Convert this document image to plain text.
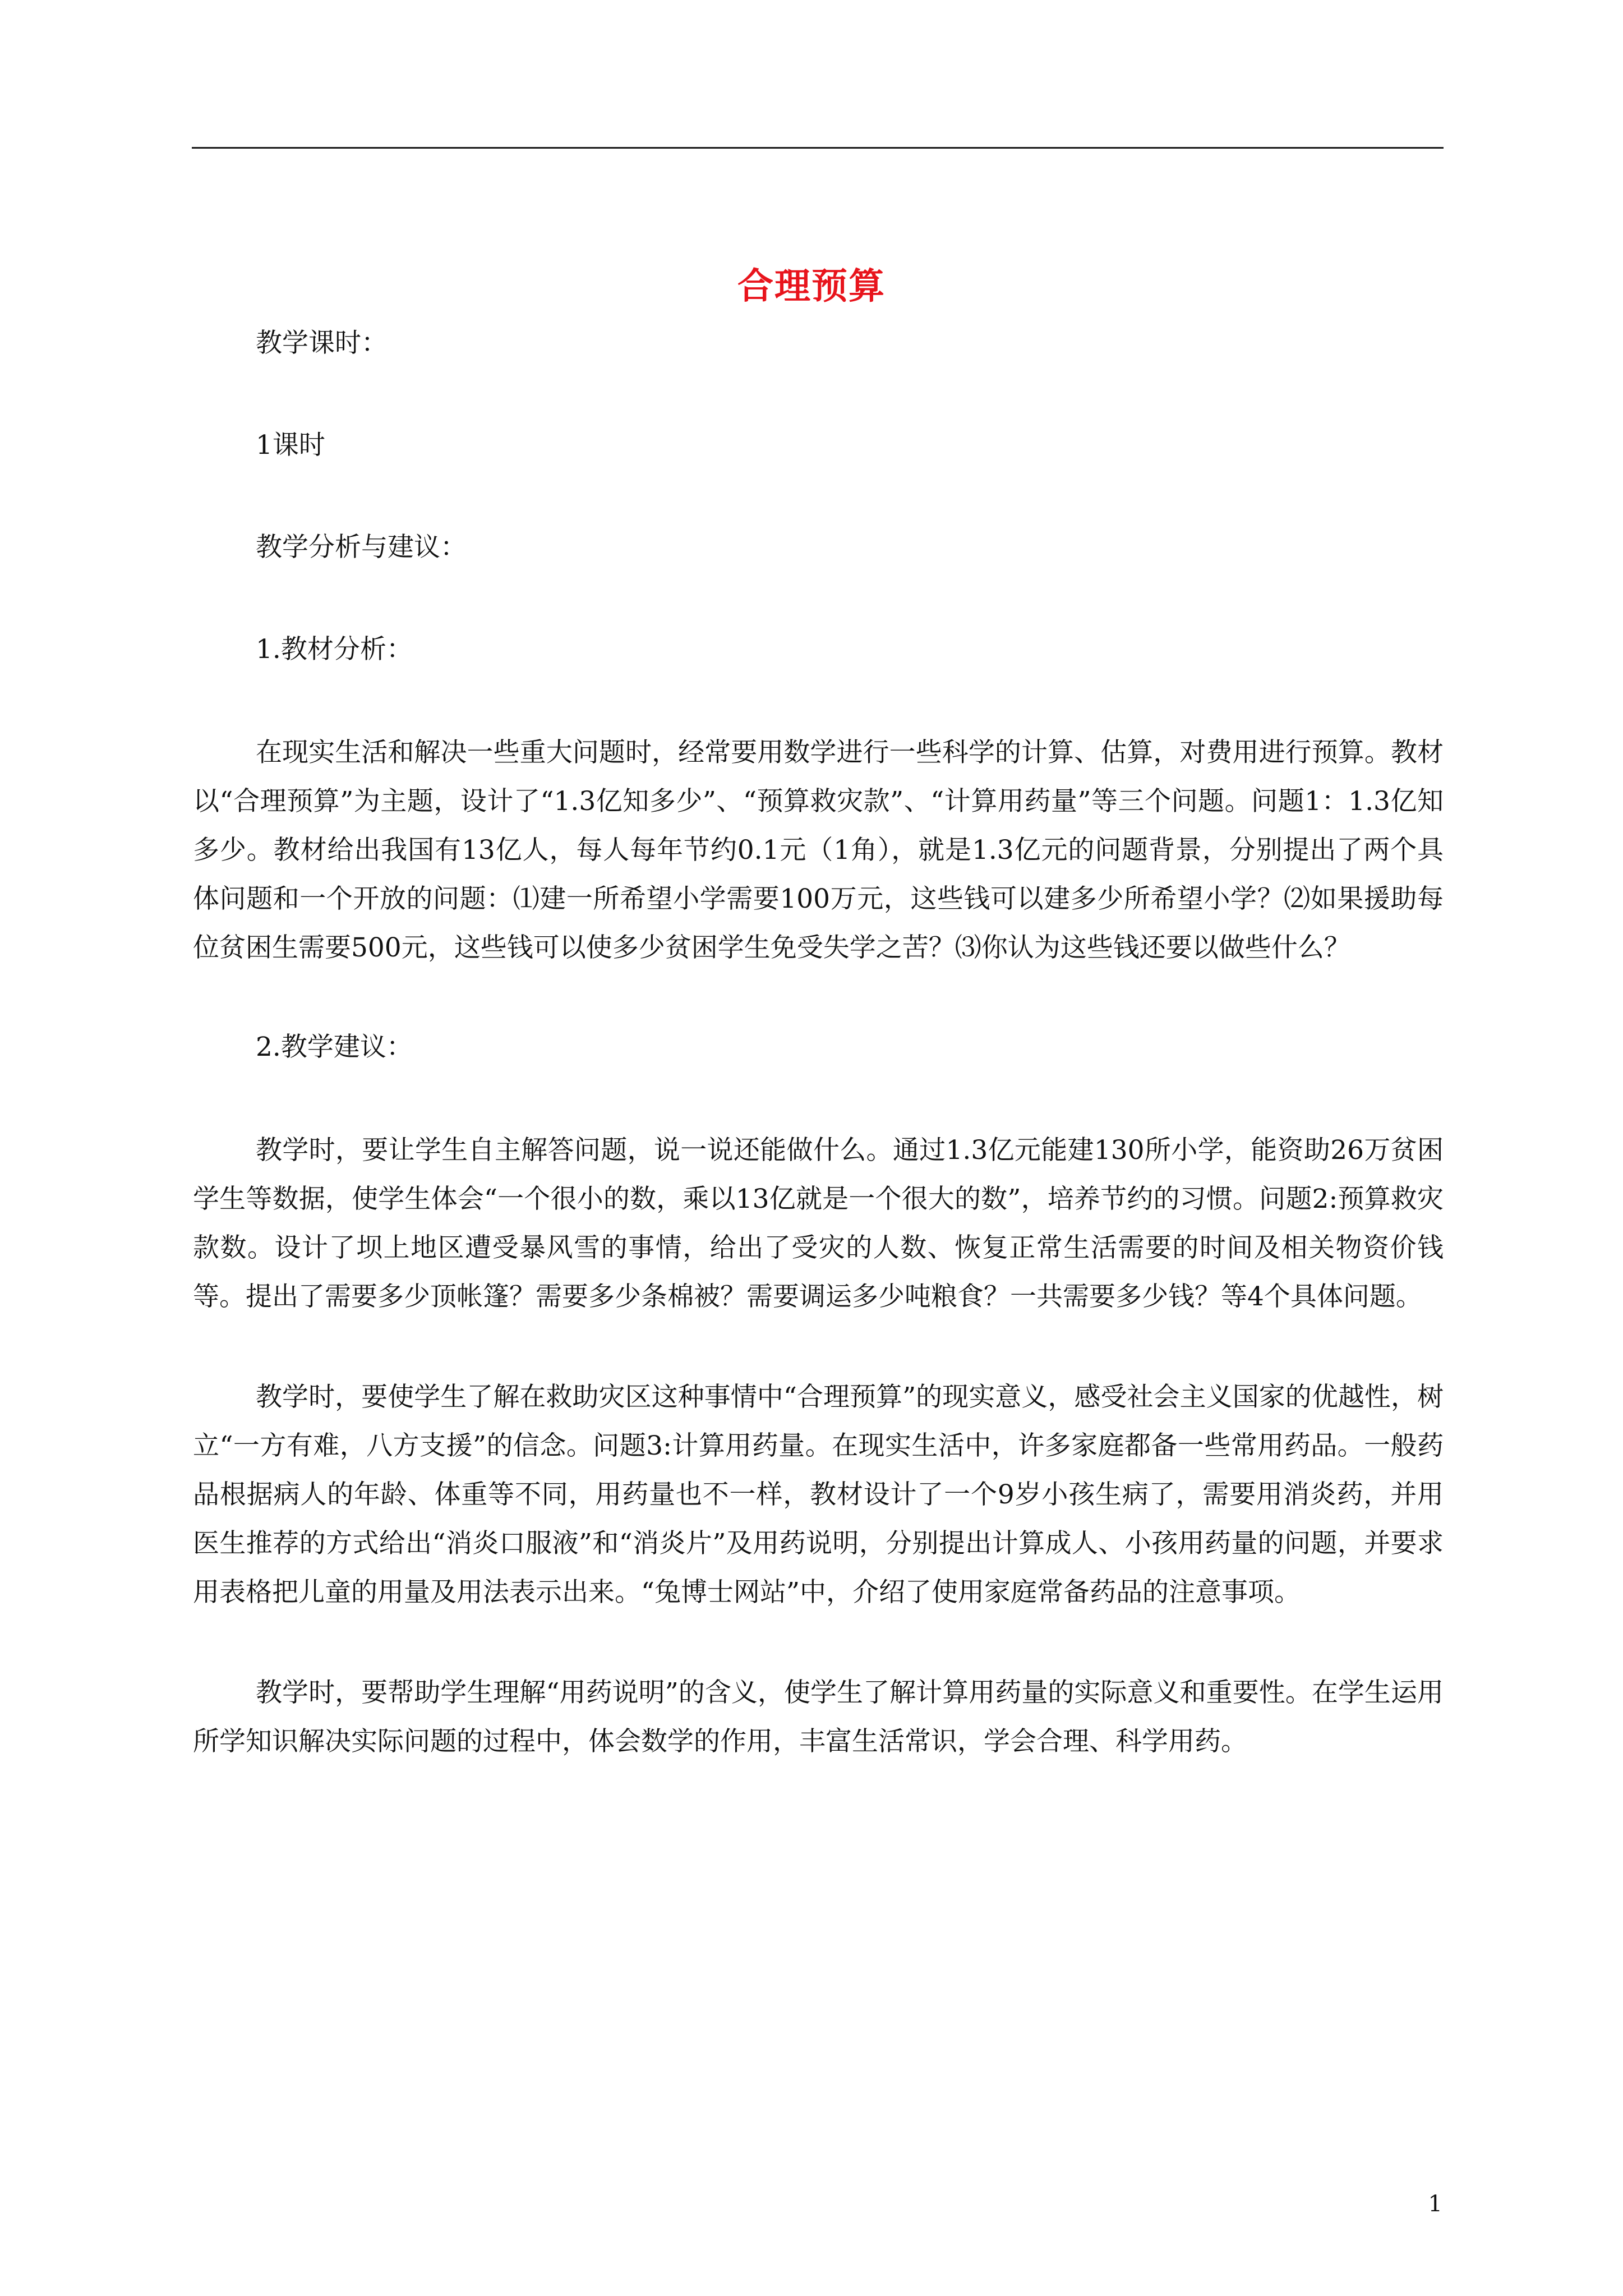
合理预算
教学课时：
1课时
教学分析与建议：
1.教材分析：

在现实生活和解决一些重大问题时，经常要用数学进行一些科学的计算、估算，对费用进行预算。教材以“合理预算”为主题，设计了“1.3亿知多少”、“预算救灾款”、“计算用药量”等三个问题。问题1：1.3亿知多少。教材给出我国有13亿人，每人每年节约0.1元（1角），就是1.3亿元的问题背景，分别提出了两个具体问题和一个开放的问题：⑴建一所希望小学需要100万元，这些钱可以建多少所希望小学？⑵如果援助每位贫困生需要500元，这些钱可以使多少贫困学生免受失学之苦？⑶你认为这些钱还要以做些什么？

2.教学建议：

教学时，要让学生自主解答问题，说一说还能做什么。通过1.3亿元能建130所小学，能资助26万贫困学生等数据，使学生体会“一个很小的数，乘以13亿就是一个很大的数”，培养节约的习惯。问题2:预算救灾款数。设计了坝上地区遭受暴风雪的事情，给出了受灾的人数、恢复正常生活需要的时间及相关物资价钱等。提出了需要多少顶帐篷？需要多少条棉被？需要调运多少吨粮食？一共需要多少钱？等4个具体问题。

教学时，要使学生了解在救助灾区这种事情中“合理预算”的现实意义，感受社会主义国家的优越性，树立“一方有难，八方支援”的信念。问题3:计算用药量。在现实生活中，许多家庭都备一些常用药品。一般药品根据病人的年龄、体重等不同，用药量也不一样，教材设计了一个9岁小孩生病了，需要用消炎药，并用医生推荐的方式给出“消炎口服液”和“消炎片”及用药说明，分别提出计算成人、小孩用药量的问题，并要求用表格把儿童的用量及用法表示出来。“兔博士网站”中，介绍了使用家庭常备药品的注意事项。

教学时，要帮助学生理解“用药说明”的含义，使学生了解计算用药量的实际意义和重要性。在学生运用所学知识解决实际问题的过程中，体会数学的作用，丰富生活常识，学会合理、科学用药。

1
